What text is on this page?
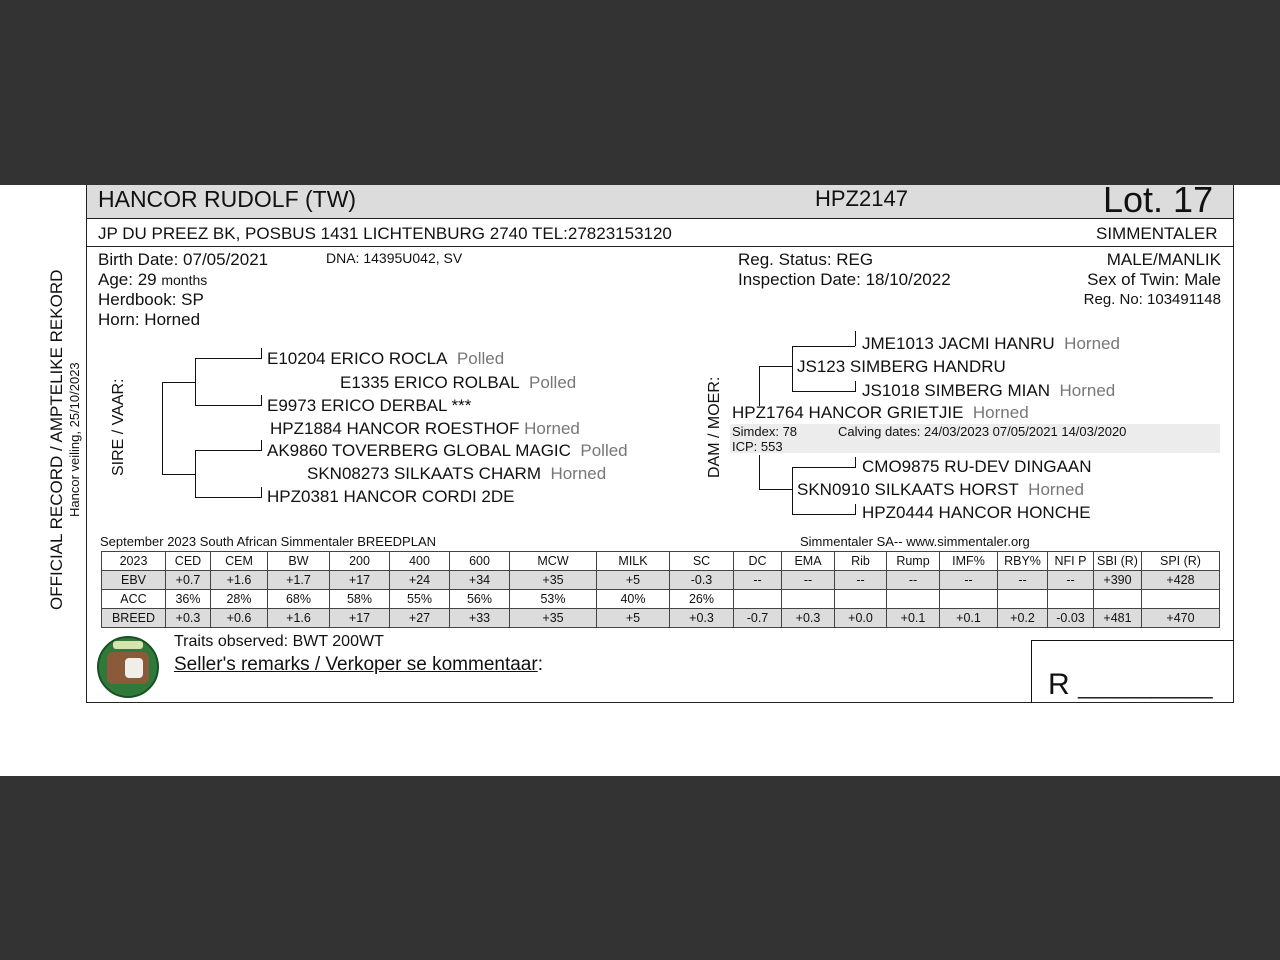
HANCOR RUDOLF (TW)	HPZ2147	Lot. 17
JP DU PREEZ BK, POSBUS 1431 LICHTENBURG 2740 TEL:27823153120	SIMMENTALER
Birth Date: 07/05/2021	DNA: 14395U042, SV
Age: 29 months
Herdbook: SP
Horn: Horned
Reg. Status: REG
Inspection Date: 18/10/2022
MALE/MANLIK
Sex of Twin: Male
Reg. No: 103491148
OFFICIAL RECORD / AMPTELIKE REKORD Hancor veiling, 25/10/2023 SIRE / VAAR:
E10204 ERICO ROCLA Polled
E1335 ERICO ROLBAL Polled
E9973 ERICO DERBAL ***
HPZ1884 HANCOR ROESTHOF Horned
AK9860 TOVERBERG GLOBAL MAGIC Polled
SKN08273 SILKAATS CHARM Horned
HPZ0381 HANCOR CORDI 2DE
DAM / MOER:
JME1013 JACMI HANRU Horned
JS123 SIMBERG HANDRU
JS1018 SIMBERG MIAN Horned
HPZ1764 HANCOR GRIETJIE Horned
Simdex: 78	Calving dates: 24/03/2023 07/05/2021 14/03/2020
ICP: 553
CMO9875 RU-DEV DINGAAN
SKN0910 SILKAATS HORST Horned
HPZ0444 HANCOR HONCHE
September 2023 South African Simmentaler BREEDPLAN	Simmentaler SA-- www.simmentaler.org
2023	CED	CEM	BW	200	400	600	MCW	MILK	SC	DC	EMA	Rib	Rump	IMF%	RBY%	NFI P	SBI (R)	SPI (R)
EBV	+0.7	+1.6	+1.7	+17	+24	+34	+35	+5	-0.3	--	--	--	--	--	--	--	+390	+428
ACC	36%	28%	68%	58%	55%	56%	53%	40%	26%									
BREED	+0.3	+0.6	+1.6	+17	+27	+33	+35	+5	+0.3	-0.7	+0.3	+0.0	+0.1	+0.1	+0.2	-0.03	+481	+470
Traits observed: BWT 200WT
Seller's remarks / Verkoper se kommentaar:
R ___________
